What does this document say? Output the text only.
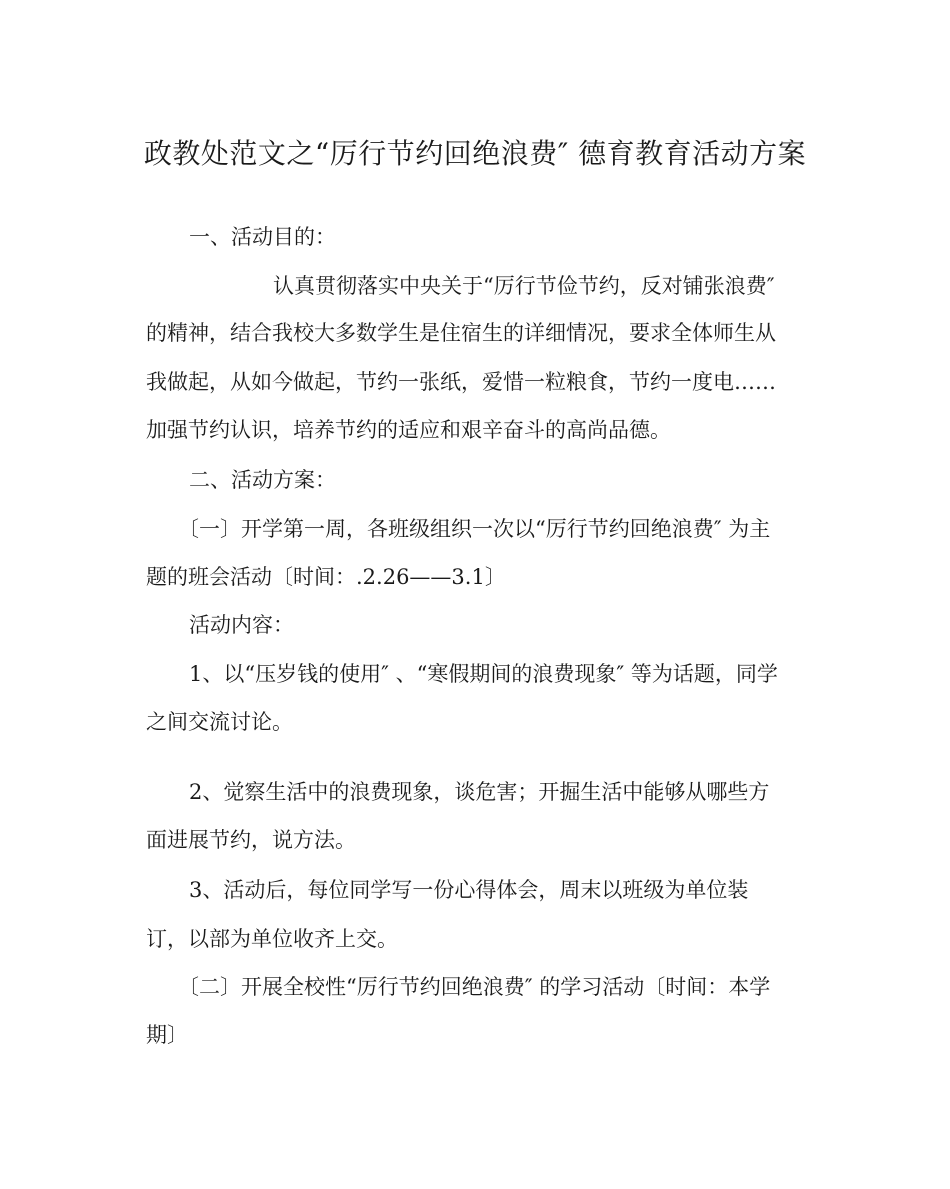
政教处范文之“厉行节约回绝浪费″ 德育教育活动方案
一、活动目的：
认真贯彻落实中央关于“厉行节俭节约，反对铺张浪费″
的精神，结合我校大多数学生是住宿生的详细情况，要求全体师生从
我做起，从如今做起，节约一张纸，爱惜一粒粮食，节约一度电……
加强节约认识，培养节约的适应和艰辛奋斗的高尚品德。
二、活动方案：
〔一〕开学第一周，各班级组织一次以“厉行节约回绝浪费″ 为主
题的班会活动〔时间：.2.26——3.1〕
活动内容：
1、以“压岁钱的使用″ 、“寒假期间的浪费现象″ 等为话题，同学
之间交流讨论。
2、觉察生活中的浪费现象，谈危害；开掘生活中能够从哪些方
面进展节约，说方法。
3、活动后，每位同学写一份心得体会，周末以班级为单位装
订，以部为单位收齐上交。
〔二〕开展全校性“厉行节约回绝浪费″ 的学习活动〔时间：本学
期〕
